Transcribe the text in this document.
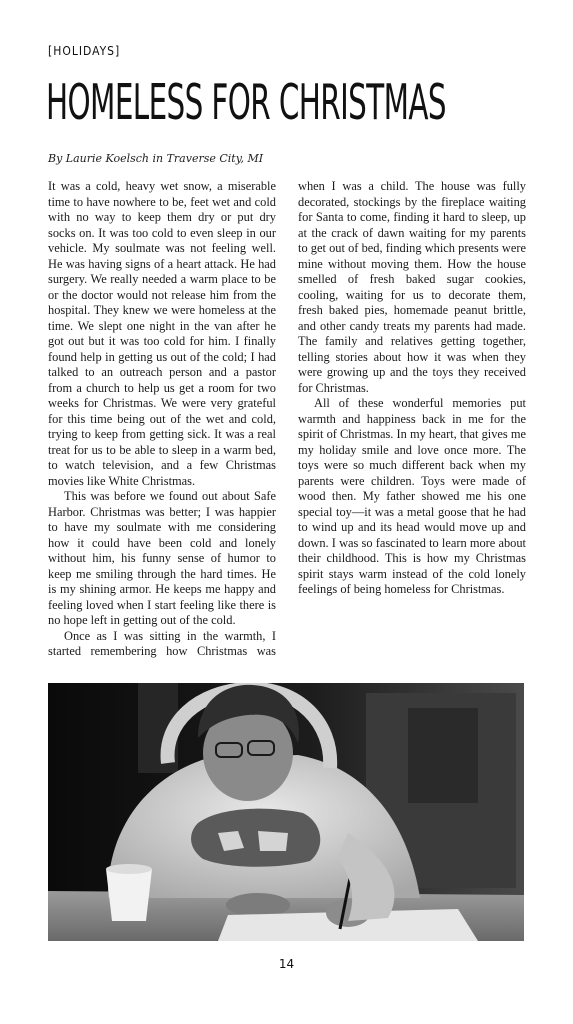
[HOLIDAYS]
HOMELESS FOR CHRISTMAS
By Laurie Koelsch in Traverse City, MI

It was a cold, heavy wet snow, a miserable time to have nowhere to be, feet wet and cold with no way to keep them dry or put dry socks on. It was too cold to even sleep in our vehicle. My soulmate was not feeling well. He was having signs of a heart attack. He had surgery. We really needed a warm place to be or the doctor would not release him from the hospital. They knew we were homeless at the time. We slept one night in the van after he got out but it was too cold for him. I finally found help in getting us out of the cold; I had talked to an outreach person and a pastor from a church to help us get a room for two weeks for Christmas. We were very grateful for this time being out of the wet and cold, trying to keep from getting sick. It was a real treat for us to be able to sleep in a warm bed, to watch television, and a few Christmas movies like White Christmas.

This was before we found out about Safe Harbor. Christmas was better; I was happier to have my soulmate with me considering how it could have been cold and lonely without him, his funny sense of humor to keep me smiling through the hard times. He is my shining armor. He keeps me happy and feeling loved when I start feeling like there is no hope left in getting out of the cold.

Once as I was sitting in the warmth, I started remembering how Christmas was when I was a child. The house was fully decorated, stockings by the fireplace waiting for Santa to come, finding it hard to sleep, up at the crack of dawn waiting for my parents to get out of bed, finding which presents were mine without moving them. How the house smelled of fresh baked sugar cookies, cooling, waiting for us to decorate them, fresh baked pies, homemade peanut brittle, and other candy treats my parents had made. The family and relatives getting together, telling stories about how it was when they were growing up and the toys they received for Christmas.

All of these wonderful memories put warmth and happiness back in me for the spirit of Christmas. In my heart, that gives me my holiday smile and love once more. The toys were so much different back when my parents were children. Toys were made of wood then. My father showed me his one special toy—it was a metal goose that he had to wind up and its head would move up and down. I was so fascinated to learn more about their childhood. This is how my Christmas spirit stays warm instead of the cold lonely feelings of being homeless for Christmas.

14
